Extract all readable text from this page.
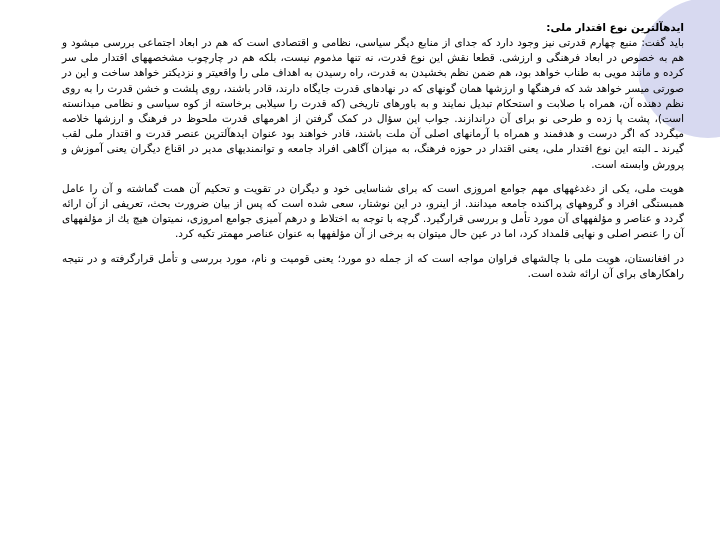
ایدهآلترین نوع اقتدار ملی:

باید گفت: منبع چهارم قدرتی نیز وجود دارد که جدای از منابع دیگر سیاسی، نظامی و اقتصادی است که هم در ابعاد اجتماعی بررسی میشود و هم به خصوص در ابعاد فرهنگی و ارزشی. قطعا نقش این نوع قدرت، نه تنها مذموم نیست، بلکه هم در چارچوب مشخصههای اقتدار ملی سر کرده و مانند مویی به طناب خواهد بود، هم ضمن نظم بخشیدن به قدرت، راه رسیدن به اهداف ملی را واقعیتر و نزدیکتر خواهد ساخت و این در صورتی میسر خواهد شد که فرهنگها و ارزشها همان گونهای که در نهادهای قدرت جایگاه دارند، قادر باشند، روی پلشت و خشن قدرت را به روی نظم دهنده آن، همراه با صلابت و استحکام تبدیل نمایند و به باورهای تاریخی (که قدرت را سیلابی برخاسته از کوه سیاسی و نظامی میدانسته است)، پشت پا زده و طرحی نو برای آن دراندازند. جواب این سؤال در کمک گرفتن از اهرمهای قدرت ملحوظ در فرهنگ و ارزشها خلاصه میگردد که اگر درست و هدفمند و همراه با آرمانهای اصلی آن ملت باشند، قادر خواهند بود عنوان ایدهآلترین عنصر قدرت و اقتدار ملی لقب گیرند ـ البته این نوع اقتدار ملی، یعنی اقتدار در حوزه فرهنگ، به میزان آگاهی افراد جامعه و توانمندیهای مدیر در اقناع دیگران یعنی آموزش و پرورش وابسته است.

هویت ملی، یکی از دغدغههای مهم جوامع امروزی است که برای شناسایی خود و دیگران در تقویت و تحکیم آن همت گماشته و آن را عامل همبستگی افراد و گروههای پراکنده جامعه میدانند. از اینرو، در این نوشتار، سعی شده است که پس از بیان ضرورت بحث، تعریفی از آن ارائه گردد و عناصر و مؤلفههای آن مورد تأمل و بررسی قرارگیرد. گرچه با توجه به اختلاط و درهم آمیزی جوامع امروزی، نمیتوان هیچ یك از مؤلفههای آن را عنصر اصلی و نهایی قلمداد كرد، اما در عین حال میتوان به برخی از آن مؤلفهها به عنوان عناصر مهمتر تكیه كرد.

در افغانستان، هویت ملی با چالشهای فراوان مواجه است كه از جمله دو مورد؛ یعنی قومیت و نام، مورد بررسی و تأمل قرارگرفته و در نتیجه راهكارهای برای آن ارائه شده است.
